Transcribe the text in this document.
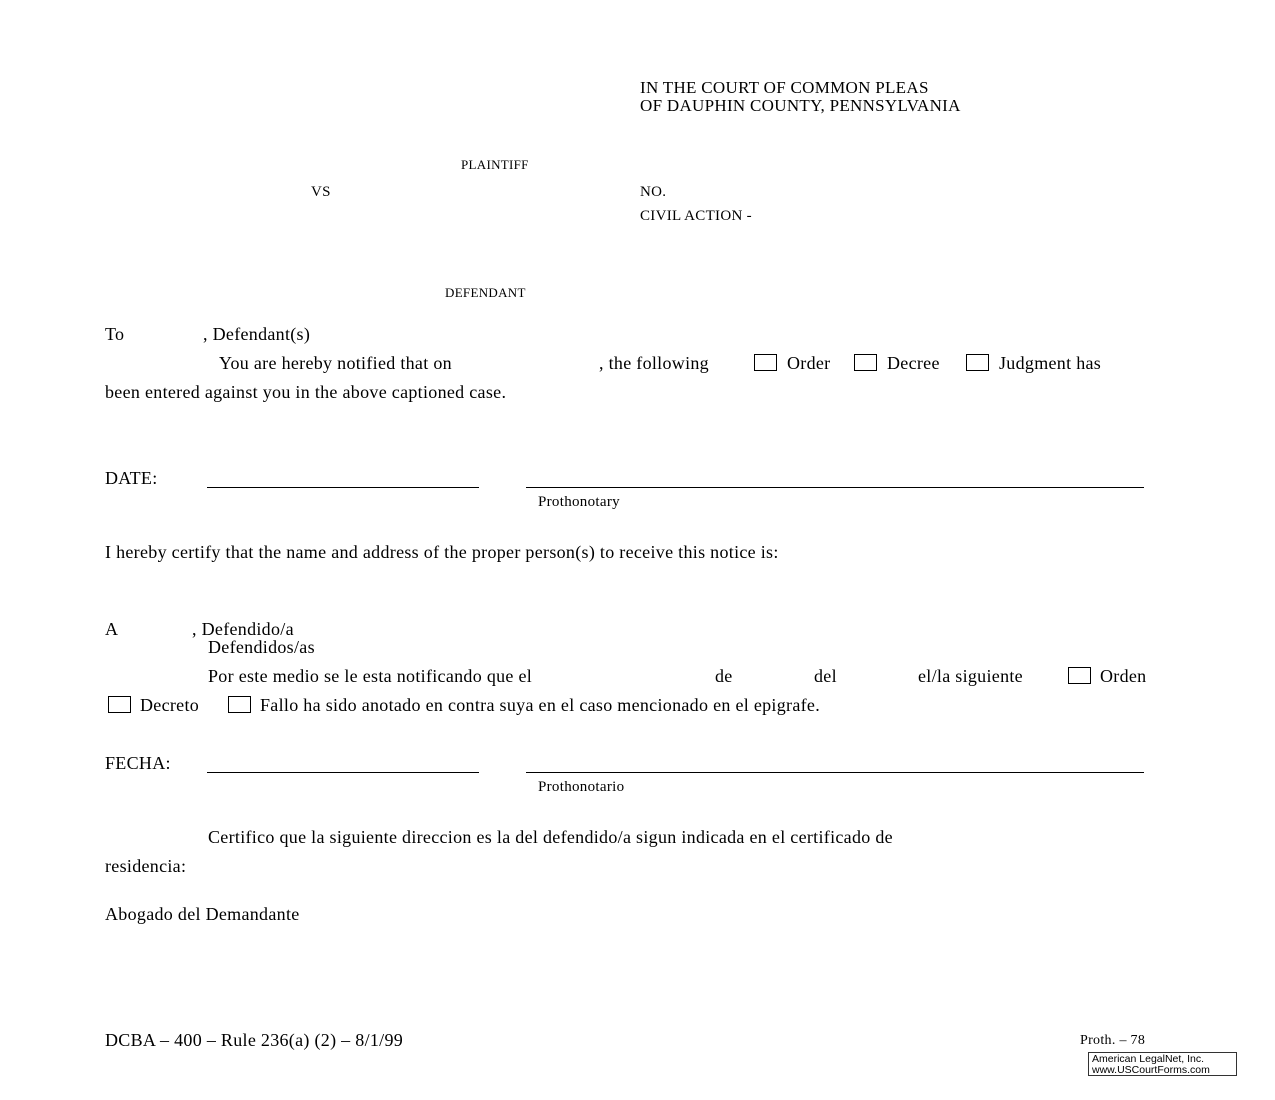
IN THE COURT OF COMMON PLEAS
OF DAUPHIN COUNTY, PENNSYLVANIA
PLAINTIFF
VS	NO.
CIVIL ACTION -
DEFENDANT
To	, Defendant(s)
You are hereby notified that on	, the following	Order	Decree	Judgment has
been entered against you in the above captioned case.
DATE:
Prothonotary
I hereby certify that the name and address of the proper person(s) to receive this notice is:
A	, Defendido/a
Defendidos/as
Por este medio se le esta notificando que el	de	del	el/la siguiente	Orden
Decreto	Fallo ha sido anotado en contra suya en el caso mencionado en el epigrafe.
FECHA:
Prothonotario
Certifico que la siguiente direccion es la del defendido/a sigun indicada en el certificado de
residencia:
Abogado del Demandante
DCBA – 400 – Rule 236(a) (2) – 8/1/99	Proth. – 78
American LegalNet, Inc.
www.USCourtForms.com
